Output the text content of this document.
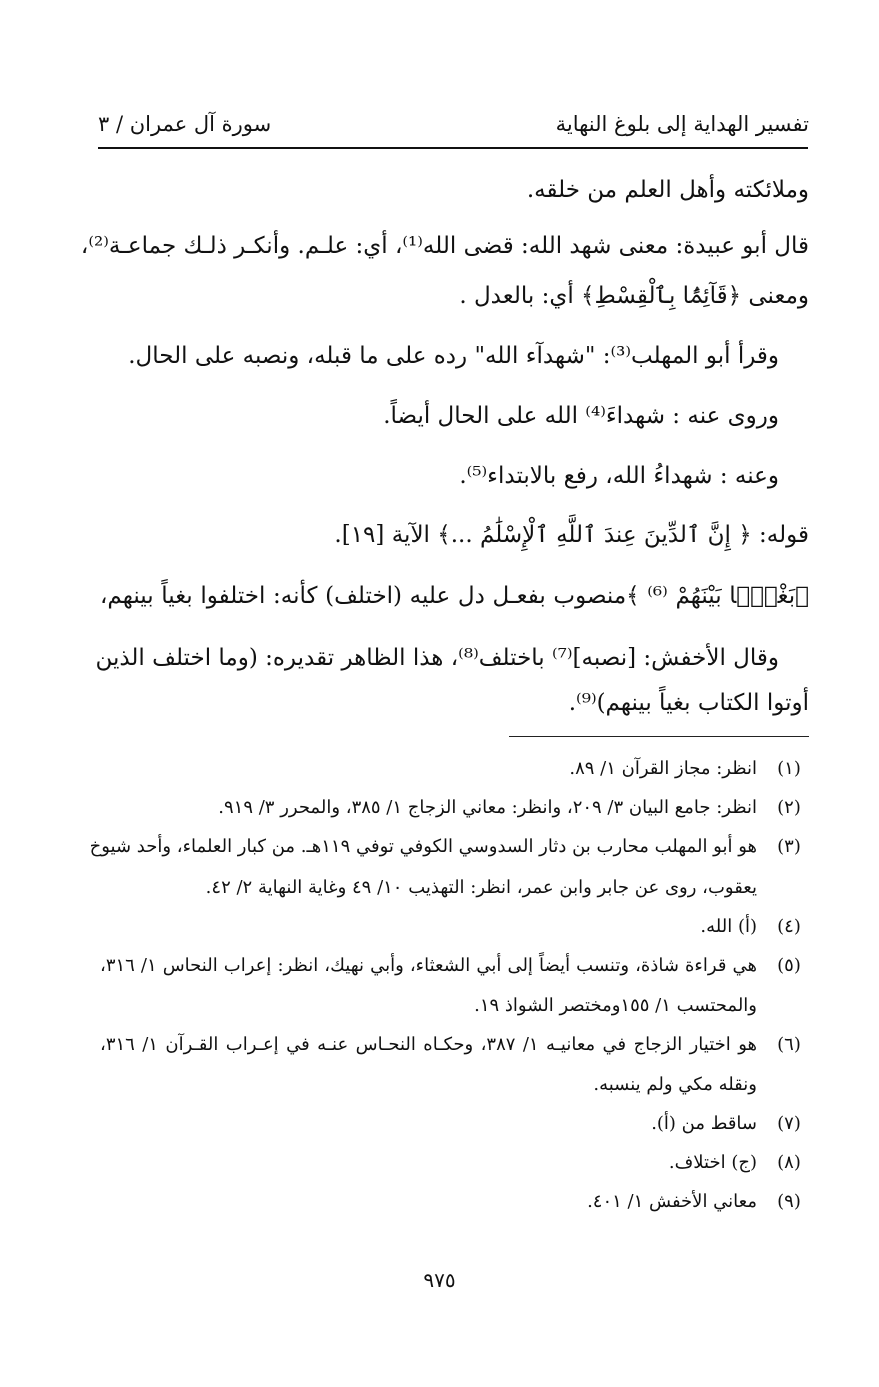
تفسير الهداية إلى بلوغ النهاية
سورة آل عمران / ٣
وملائكته وأهل العلم من خلقه.
قال أبو عبيدة: معنى شهد الله: قضى الله⁽¹⁾، أي: علـم. وأنكـر ذلـك جماعـة⁽²⁾،
ومعنى ﴿قَآئِمًۢا بِٱلْقِسْطِ﴾ أي: بالعدل .
وقرأ أبو المهلب⁽³⁾: "شهدآء الله" رده على ما قبله، ونصبه على الحال.
وروى عنه : شهداءَ⁽⁴⁾ الله على الحال أيضاً.
وعنه : شهداءُ الله، رفع بالابتداء⁽⁵⁾.
قوله: ﴿ إِنَّ ٱلدِّينَ عِندَ ٱللَّهِ ٱلْإِسْلَٰمُ ...﴾ الآية [١٩].
﴿بَغْيًۢا بَيْنَهُمْ ⁽⁶⁾ ﴾منصوب بفعـل دل عليه (اختلف) كأنه: اختلفوا بغياً بينهم،
وقال الأخفش: [نصبه]⁽⁷⁾ باختلف⁽⁸⁾، هذا الظاهر تقديره: (وما اختلف الذين
أوتوا الكتاب بغياً بينهم)⁽⁹⁾.
(١)
انظر: مجاز القرآن ١/ ٨٩.
(٢)
انظر: جامع البيان ٣/ ٢٠٩، وانظر: معاني الزجاج ١/ ٣٨٥، والمحرر ٣/ ٩١٩.
(٣)
هو أبو المهلب محارب بن دثار السدوسي الكوفي توفي ١١٩هـ. من كبار العلماء، وأحد شيوخ
يعقوب، روى عن جابر وابن عمر، انظر: التهذيب ١٠/ ٤٩ وغاية النهاية ٢/ ٤٢.
(٤)
(أ) الله.
(٥)
هي قراءة شاذة، وتنسب أيضاً إلى أبي الشعثاء، وأبي نهيك، انظر: إعراب النحاس ١/ ٣١٦،
والمحتسب ١/ ١٥٥ومختصر الشواذ ١٩.
(٦)
هو اختيار الزجاج في معانيـه ١/ ٣٨٧، وحكـاه النحـاس عنـه في إعـراب القـرآن ١/ ٣١٦،
ونقله مكي ولم ينسبه.
(٧)
ساقط من (أ).
(٨)
(ج) اختلاف.
(٩)
معاني الأخفش ١/ ٤٠١.
٩٧٥
